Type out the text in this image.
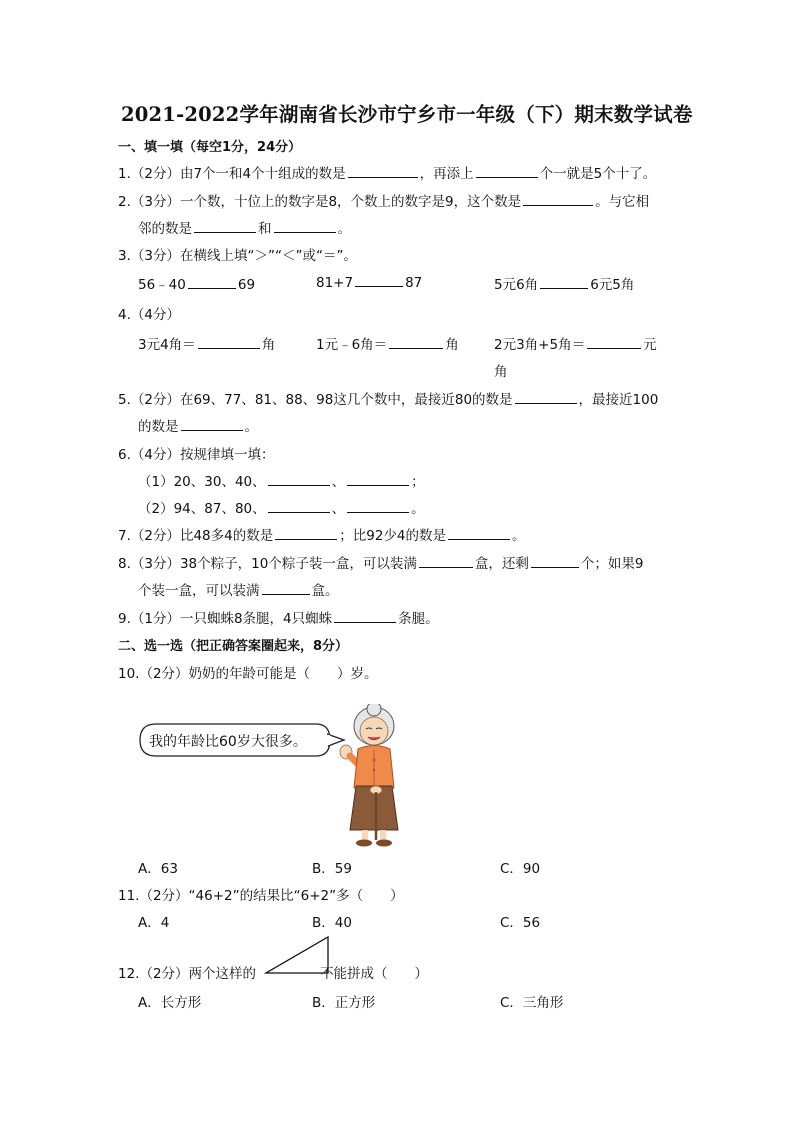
2021-2022学年湖南省长沙市宁乡市一年级（下）期末数学试卷
一、填一填（每空1分，24分）
1.（2分）由7个一和4个十组成的数是	，再添上	个一就是5个十了。
2.（3分）一个数，十位上的数字是8，个数上的数字是9，这个数是	。与它相
邻的数是	和	。
3.（3分）在横线上填“＞”“＜”或“＝”。
56﹣40	69	81+7	87	5元6角	6元5角
4.（4分）
3元4角＝	角	1元﹣6角＝	角	2元3角+5角＝	元
角
5.（2分）在69、77、81、88、98这几个数中，最接近80的数是	，最接近100
的数是	。
6.（4分）按规律填一填：
（1）20、30、40、	、	；
（2）94、87、80、	、	。
7.（2分）比48多4的数是	；比92少4的数是	。
8.（3分）38个粽子，10个粽子装一盒，可以装满	盒，还剩	个；如果9
个装一盒，可以装满	盒。
9.（1分）一只蜘蛛8条腿，4只蜘蛛	条腿。
二、选一选（把正确答案圈起来，8分）
10.（2分）奶奶的年龄可能是（　　）岁。
我的年龄比60岁大很多。
A．63	B．59	C．90
11.（2分）“46+2”的结果比“6+2”多（　　）
A．4	B．40	C．56
12.（2分）两个这样的	不能拼成（　　）
A．长方形	B．正方形	C．三角形
